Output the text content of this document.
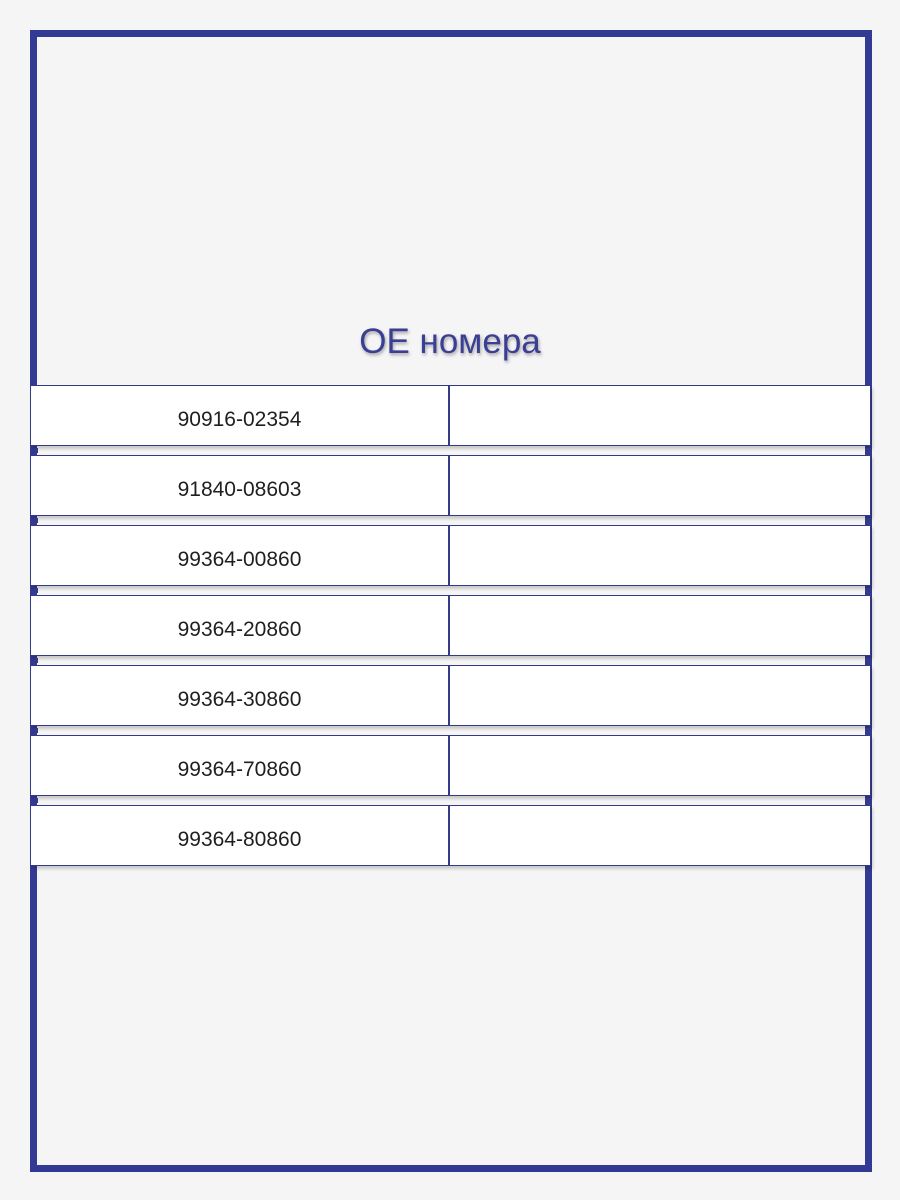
OE номера
90916-02354
91840-08603
99364-00860
99364-20860
99364-30860
99364-70860
99364-80860
